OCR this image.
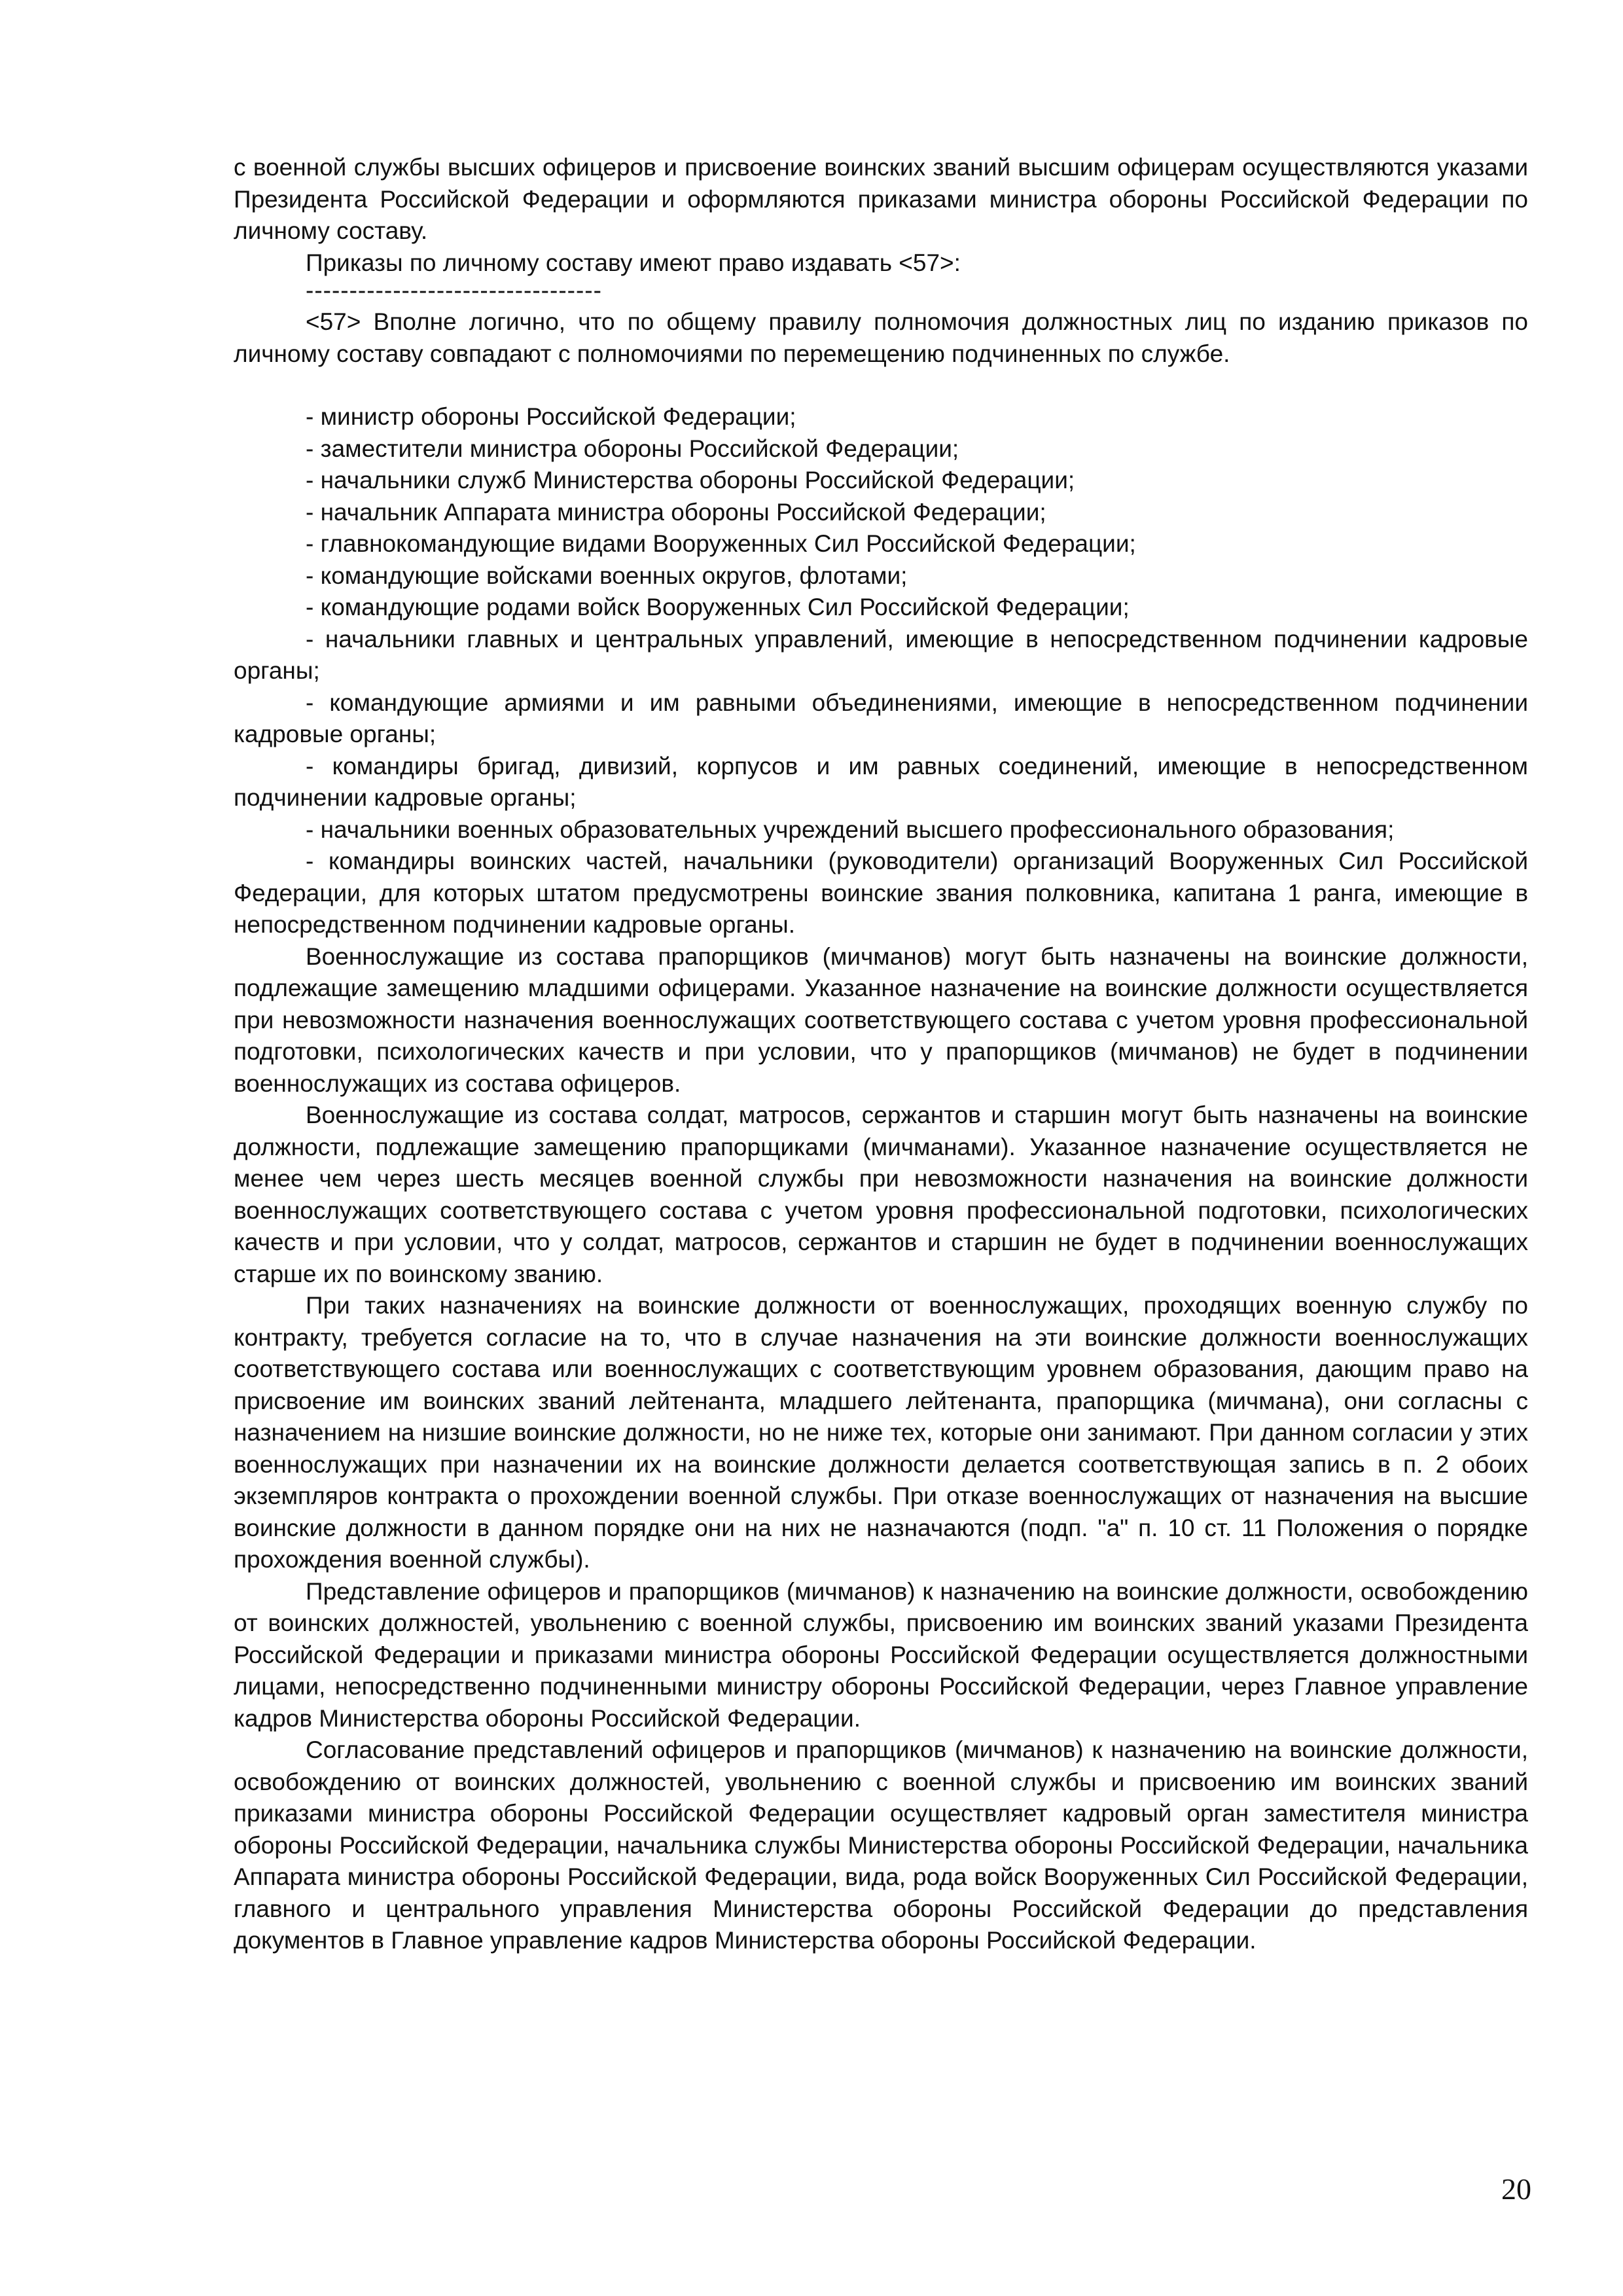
с военной службы высших офицеров и присвоение воинских званий высшим офицерам осуществляются указами Президента Российской Федерации и оформляются приказами министра обороны Российской Федерации по личному составу.

Приказы по личному составу имеют право издавать <57>:

----------------------------------

<57> Вполне логично, что по общему правилу полномочия должностных лиц по изданию приказов по личному составу совпадают с полномочиями по перемещению подчиненных по службе.

- министр обороны Российской Федерации;

- заместители министра обороны Российской Федерации;

- начальники служб Министерства обороны Российской Федерации;

- начальник Аппарата министра обороны Российской Федерации;

- главнокомандующие видами Вооруженных Сил Российской Федерации;

- командующие войсками военных округов, флотами;

- командующие родами войск Вооруженных Сил Российской Федерации;

- начальники главных и центральных управлений, имеющие в непосредственном подчинении кадровые органы;

- командующие армиями и им равными объединениями, имеющие в непосредственном подчинении кадровые органы;

- командиры бригад, дивизий, корпусов и им равных соединений, имеющие в непосредственном подчинении кадровые органы;

- начальники военных образовательных учреждений высшего профессионального образования;

- командиры воинских частей, начальники (руководители) организаций Вооруженных Сил Российской Федерации, для которых штатом предусмотрены воинские звания полковника, капитана 1 ранга, имеющие в непосредственном подчинении кадровые органы.

Военнослужащие из состава прапорщиков (мичманов) могут быть назначены на воинские должности, подлежащие замещению младшими офицерами. Указанное назначение на воинские должности осуществляется при невозможности назначения военнослужащих соответствующего состава с учетом уровня профессиональной подготовки, психологических качеств и при условии, что у прапорщиков (мичманов) не будет в подчинении военнослужащих из состава офицеров.

Военнослужащие из состава солдат, матросов, сержантов и старшин могут быть назначены на воинские должности, подлежащие замещению прапорщиками (мичманами). Указанное назначение осуществляется не менее чем через шесть месяцев военной службы при невозможности назначения на воинские должности военнослужащих соответствующего состава с учетом уровня профессиональной подготовки, психологических качеств и при условии, что у солдат, матросов, сержантов и старшин не будет в подчинении военнослужащих старше их по воинскому званию.

При таких назначениях на воинские должности от военнослужащих, проходящих военную службу по контракту, требуется согласие на то, что в случае назначения на эти воинские должности военнослужащих соответствующего состава или военнослужащих с соответствующим уровнем образования, дающим право на присвоение им воинских званий лейтенанта, младшего лейтенанта, прапорщика (мичмана), они согласны с назначением на низшие воинские должности, но не ниже тех, которые они занимают. При данном согласии у этих военнослужащих при назначении их на воинские должности делается соответствующая запись в п. 2 обоих экземпляров контракта о прохождении военной службы. При отказе военнослужащих от назначения на высшие воинские должности в данном порядке они на них не назначаются (подп. "а" п. 10 ст. 11 Положения о порядке прохождения военной службы).

Представление офицеров и прапорщиков (мичманов) к назначению на воинские должности, освобождению от воинских должностей, увольнению с военной службы, присвоению им воинских званий указами Президента Российской Федерации и приказами министра обороны Российской Федерации осуществляется должностными лицами, непосредственно подчиненными министру обороны Российской Федерации, через Главное управление кадров Министерства обороны Российской Федерации.

Согласование представлений офицеров и прапорщиков (мичманов) к назначению на воинские должности, освобождению от воинских должностей, увольнению с военной службы и присвоению им воинских званий приказами министра обороны Российской Федерации осуществляет кадровый орган заместителя министра обороны Российской Федерации, начальника службы Министерства обороны Российской Федерации, начальника Аппарата министра обороны Российской Федерации, вида, рода войск Вооруженных Сил Российской Федерации, главного и центрального управления Министерства обороны Российской Федерации до представления документов в Главное управление кадров Министерства обороны Российской Федерации.

20
